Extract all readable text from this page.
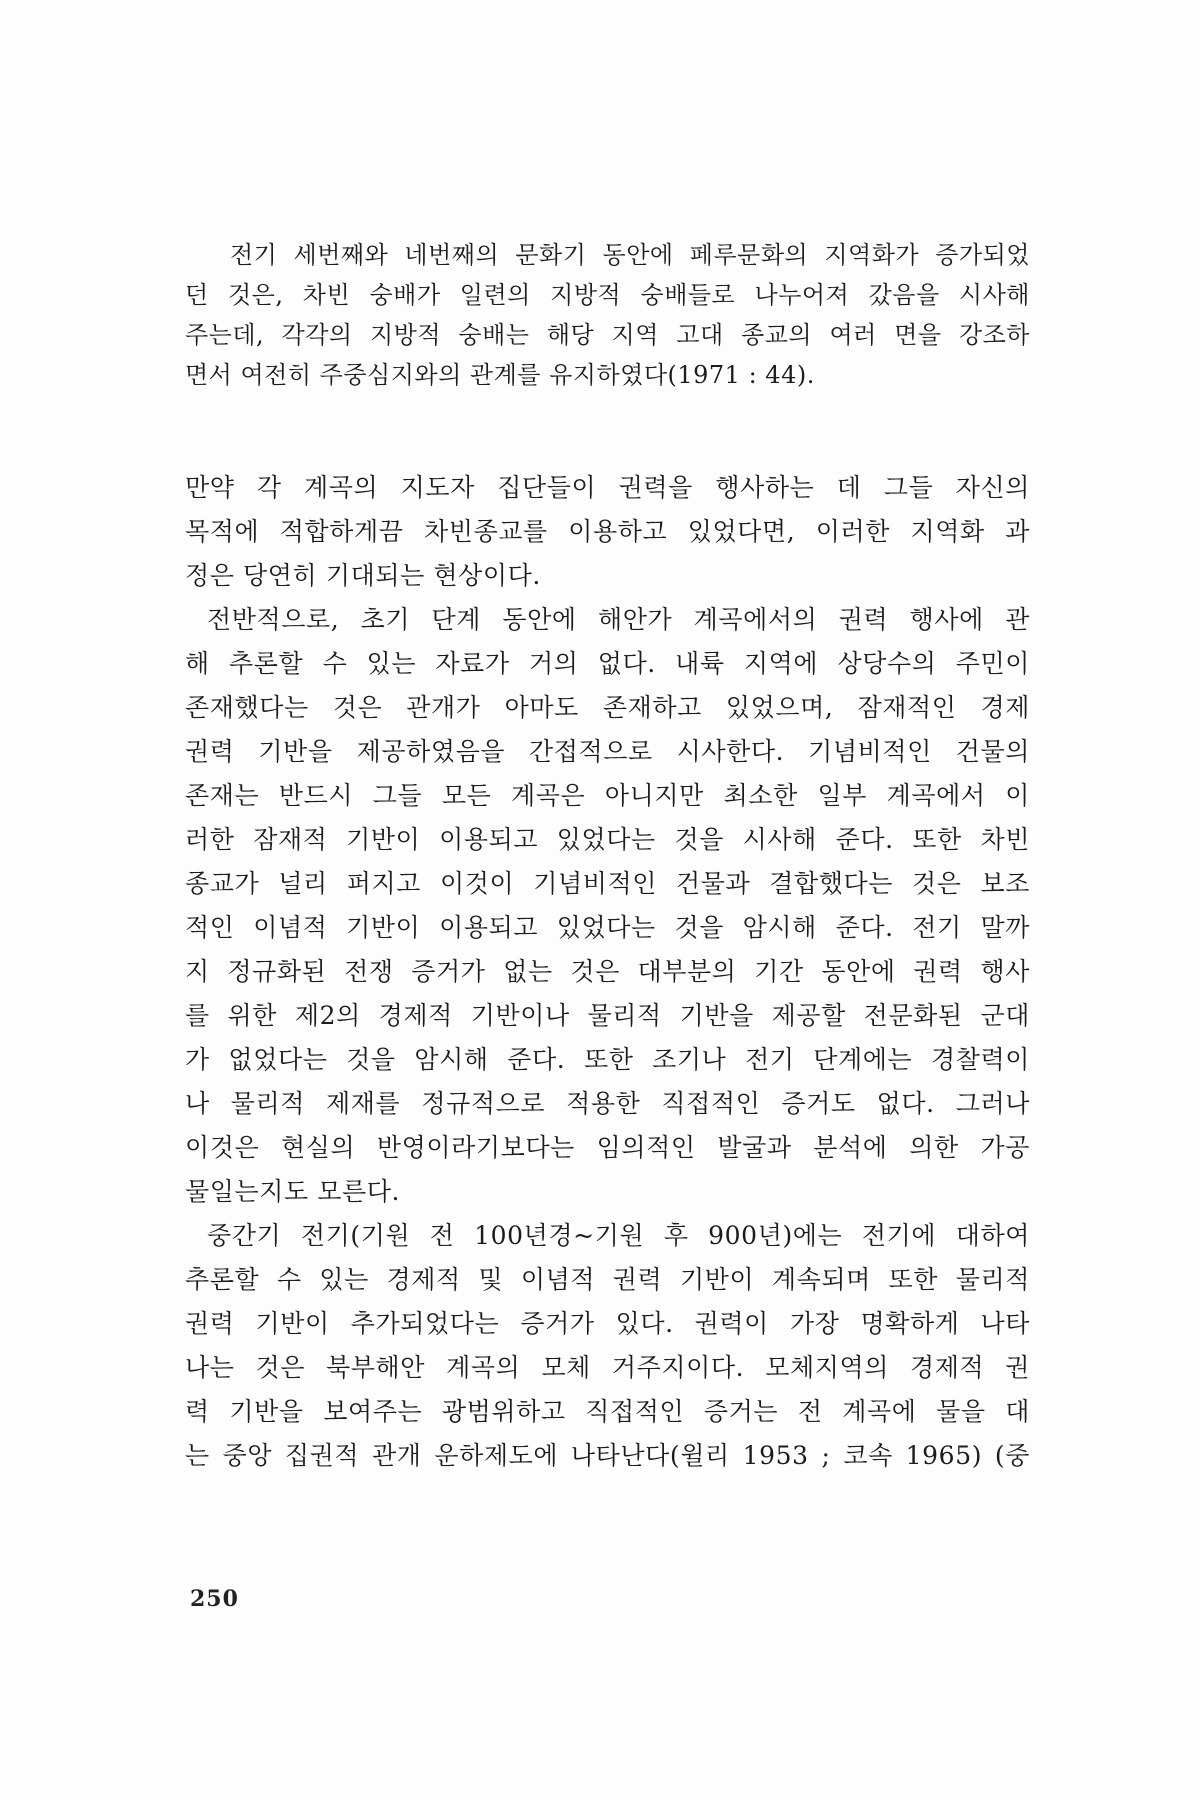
전기 세번째와 네번째의 문화기 동안에 페루문화의 지역화가 증가되었
던 것은, 차빈 숭배가 일련의 지방적 숭배들로 나누어져 갔음을 시사해
주는데, 각각의 지방적 숭배는 해당 지역 고대 종교의 여러 면을 강조하
면서 여전히 주중심지와의 관계를 유지하였다(1971 : 44).
만약 각 계곡의 지도자 집단들이 권력을 행사하는 데 그들 자신의
목적에 적합하게끔 차빈종교를 이용하고 있었다면, 이러한 지역화 과
정은 당연히 기대되는 현상이다.
전반적으로, 초기 단계 동안에 해안가 계곡에서의 권력 행사에 관
해 추론할 수 있는 자료가 거의 없다. 내륙 지역에 상당수의 주민이
존재했다는 것은 관개가 아마도 존재하고 있었으며, 잠재적인 경제
권력 기반을 제공하였음을 간접적으로 시사한다. 기념비적인 건물의
존재는 반드시 그들 모든 계곡은 아니지만 최소한 일부 계곡에서 이
러한 잠재적 기반이 이용되고 있었다는 것을 시사해 준다. 또한 차빈
종교가 널리 퍼지고 이것이 기념비적인 건물과 결합했다는 것은 보조
적인 이념적 기반이 이용되고 있었다는 것을 암시해 준다. 전기 말까
지 정규화된 전쟁 증거가 없는 것은 대부분의 기간 동안에 권력 행사
를 위한 제2의 경제적 기반이나 물리적 기반을 제공할 전문화된 군대
가 없었다는 것을 암시해 준다. 또한 조기나 전기 단계에는 경찰력이
나 물리적 제재를 정규적으로 적용한 직접적인 증거도 없다. 그러나
이것은 현실의 반영이라기보다는 임의적인 발굴과 분석에 의한 가공
물일는지도 모른다.
중간기 전기(기원 전 100년경~기원 후 900년)에는 전기에 대하여
추론할 수 있는 경제적 및 이념적 권력 기반이 계속되며 또한 물리적
권력 기반이 추가되었다는 증거가 있다. 권력이 가장 명확하게 나타
나는 것은 북부해안 계곡의 모체 거주지이다. 모체지역의 경제적 권
력 기반을 보여주는 광범위하고 직접적인 증거는 전 계곡에 물을 대
는 중앙 집권적 관개 운하제도에 나타난다(윌리 1953 ; 코속 1965) (중
250
